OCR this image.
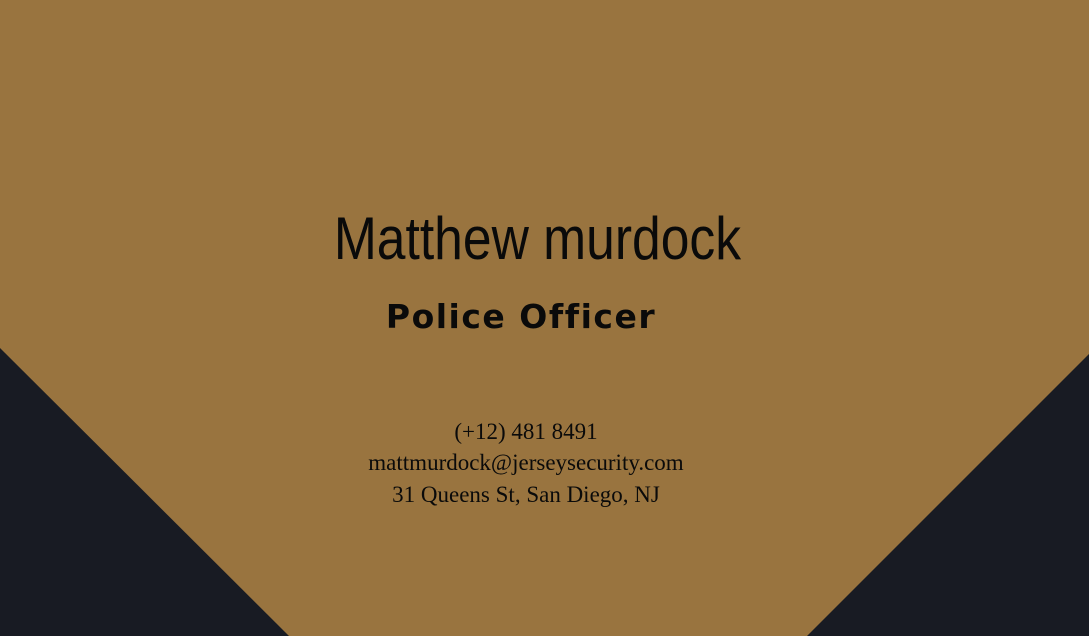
Matthew murdock
Police Officer
(+12) 481 8491
mattmurdock@jerseysecurity.com
31 Queens St, San Diego, NJ
